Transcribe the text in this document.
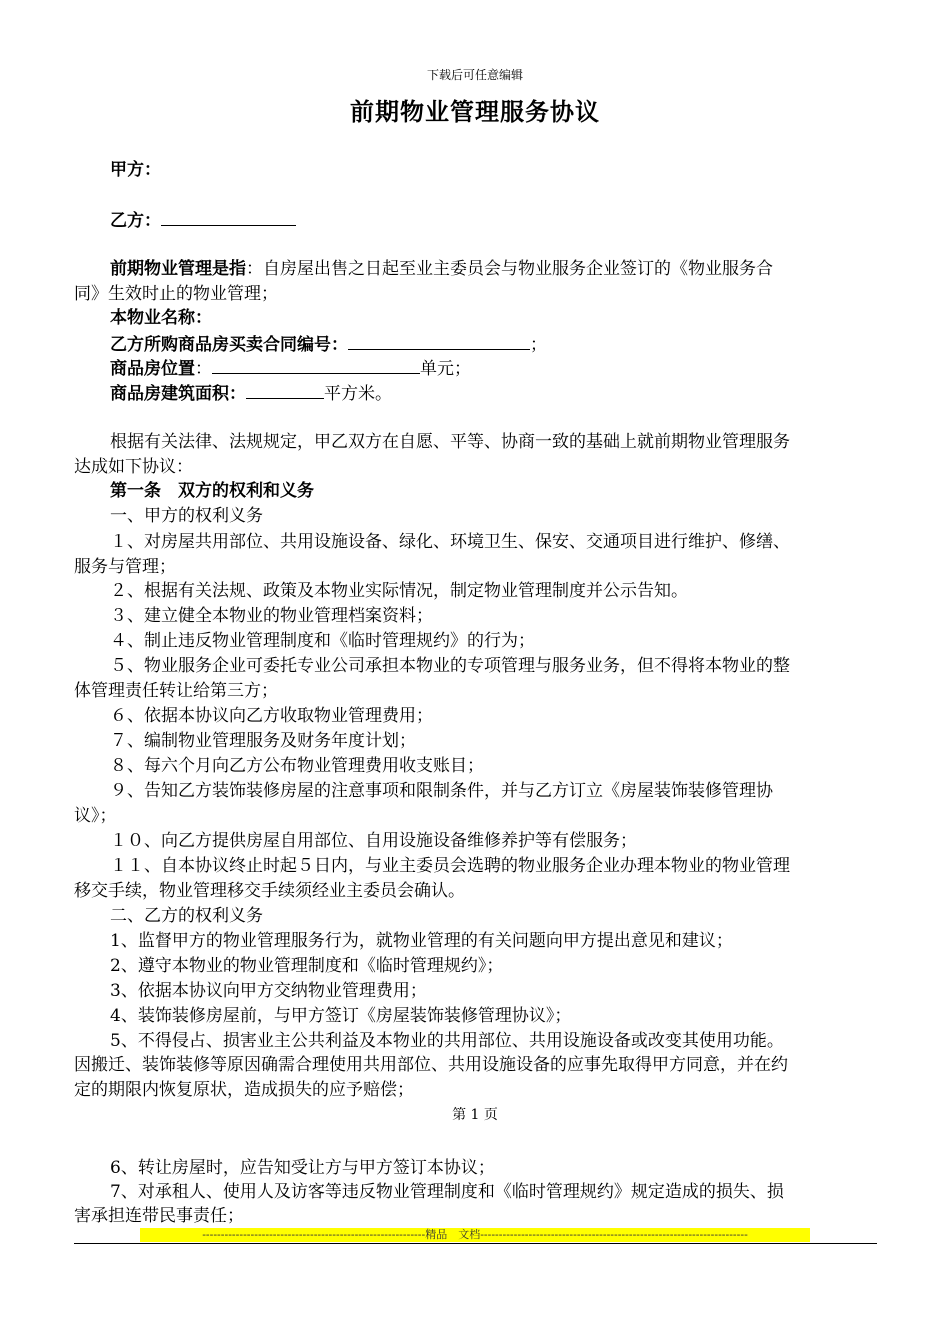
下载后可任意编辑
前期物业管理服务协议
甲方：
乙方：
前期物业管理是指：自房屋出售之日起至业主委员会与物业服务企业签订的《物业服务合
同》生效时止的物业管理；
本物业名称：
乙方所购商品房买卖合同编号：	；
商品房位置：	单元；
商品房建筑面积：	平方米。
根据有关法律、法规规定，甲乙双方在自愿、平等、协商一致的基础上就前期物业管理服务
达成如下协议：
第一条　双方的权利和义务
一、甲方的权利义务
１、对房屋共用部位、共用设施设备、绿化、环境卫生、保安、交通项目进行维护、修缮、
服务与管理；
２、根据有关法规、政策及本物业实际情况，制定物业管理制度并公示告知。
３、建立健全本物业的物业管理档案资料；
４、制止违反物业管理制度和《临时管理规约》的行为；
５、物业服务企业可委托专业公司承担本物业的专项管理与服务业务，但不得将本物业的整
体管理责任转让给第三方；
６、依据本协议向乙方收取物业管理费用；
７、编制物业管理服务及财务年度计划；
８、每六个月向乙方公布物业管理费用收支账目；
９、告知乙方装饰装修房屋的注意事项和限制条件，并与乙方订立《房屋装饰装修管理协
议》；
１０、向乙方提供房屋自用部位、自用设施设备维修养护等有偿服务；
１１、自本协议终止时起５日内，与业主委员会选聘的物业服务企业办理本物业的物业管理
移交手续，物业管理移交手续须经业主委员会确认。
二、乙方的权利义务
1、监督甲方的物业管理服务行为，就物业管理的有关问题向甲方提出意见和建议；
2、遵守本物业的物业管理制度和《临时管理规约》；
3、依据本协议向甲方交纳物业管理费用；
4、装饰装修房屋前，与甲方签订《房屋装饰装修管理协议》；
5、不得侵占、损害业主公共利益及本物业的共用部位、共用设施设备或改变其使用功能。
因搬迁、装饰装修等原因确需合理使用共用部位、共用设施设备的应事先取得甲方同意，并在约
定的期限内恢复原状，造成损失的应予赔偿；
第 1 页
6、转让房屋时，应告知受让方与甲方签订本协议；
7、对承租人、使用人及访客等违反物业管理制度和《临时管理规约》规定造成的损失、损
害承担连带民事责任；
------------------------------------------------------------精品　文档------------------------------------------------------------------------
